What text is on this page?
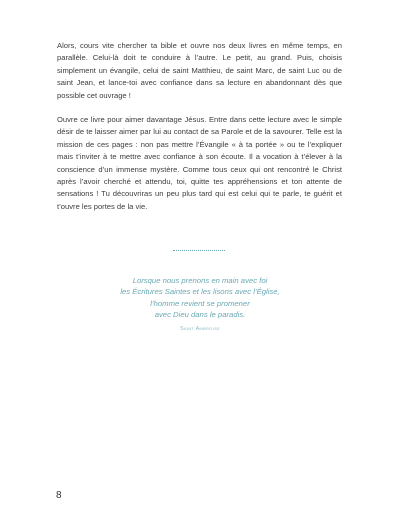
Alors, cours vite chercher ta bible et ouvre nos deux livres en même temps, en parallèle. Celui-là doit te conduire à l’autre. Le petit, au grand. Puis, choisis simplement un évangile, celui de saint Matthieu, de saint Marc, de saint Luc ou de saint Jean, et lance-toi avec confiance dans sa lecture en abandonnant dès que possible cet ouvrage !

Ouvre ce livre pour aimer davantage Jésus. Entre dans cette lecture avec le simple désir de te laisser aimer par lui au contact de sa Parole et de la savourer. Telle est la mission de ces pages : non pas mettre l’Évangile « à ta portée » ou te l’expliquer mais t’inviter à te mettre avec confiance à son écoute. Il a vocation à t’élever à la conscience d’un immense mystère. Comme tous ceux qui ont rencontré le Christ après l’avoir cherché et attendu, toi, quitte tes appréhensions et ton attente de sensations ! Tu découvriras un peu plus tard qui est celui qui te parle, te guérit et t’ouvre les portes de la vie.

Lorsque nous prenons en main avec foi
les Écritures Saintes et les lisons avec l’Église,
l’homme revient se promener
avec Dieu dans le paradis.

Saint Ambroise

8
